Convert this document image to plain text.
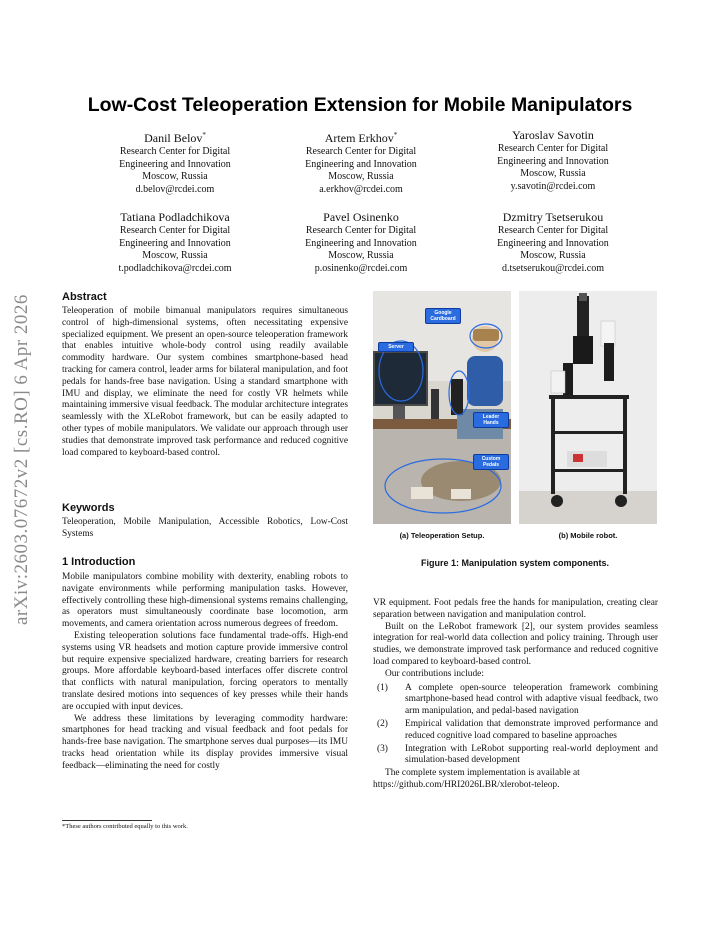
arXiv:2603.07672v2 [cs.RO] 6 Apr 2026
Low-Cost Teleoperation Extension for Mobile Manipulators
Danil Belov*
Research Center for Digital
Engineering and Innovation
Moscow, Russia
d.belov@rcdei.com
Artem Erkhov*
Research Center for Digital
Engineering and Innovation
Moscow, Russia
a.erkhov@rcdei.com
Yaroslav Savotin
Research Center for Digital
Engineering and Innovation
Moscow, Russia
y.savotin@rcdei.com
Tatiana Podladchikova
Research Center for Digital
Engineering and Innovation
Moscow, Russia
t.podladchikova@rcdei.com
Pavel Osinenko
Research Center for Digital
Engineering and Innovation
Moscow, Russia
p.osinenko@rcdei.com
Dzmitry Tsetserukou
Research Center for Digital
Engineering and Innovation
Moscow, Russia
d.tsetserukou@rcdei.com
Abstract

Teleoperation of mobile bimanual manipulators requires simultaneous control of high-dimensional systems, often necessitating expensive specialized equipment. We present an open-source teleoperation framework that enables intuitive whole-body control using readily available commodity hardware. Our system combines smartphone-based head tracking for camera control, leader arms for bilateral manipulation, and foot pedals for hands-free base navigation. Using a standard smartphone with IMU and display, we eliminate the need for costly VR helmets while maintaining immersive visual feedback. The modular architecture integrates seamlessly with the XLeRobot framework, but can be easily adapted to other types of mobile manipulators. We validate our approach through user studies that demonstrate improved task performance and reduced cognitive load compared to keyboard-based control.

Keywords

Teleoperation, Mobile Manipulation, Accessible Robotics, Low-Cost Systems

1 Introduction

Mobile manipulators combine mobility with dexterity, enabling robots to navigate environments while performing manipulation tasks. However, effectively controlling these high-dimensional systems remains challenging, as operators must simultaneously coordinate base locomotion, arm movements, and camera orientation across numerous degrees of freedom.

Existing teleoperation solutions face fundamental trade-offs. High-end systems using VR headsets and motion capture provide immersive control but require expensive specialized hardware, creating barriers for research groups. More affordable keyboard-based interfaces offer discrete control that conflicts with natural manipulation, forcing operators to mentally translate desired motions into sequences of key presses while their hands are occupied with input devices.

We address these limitations by leveraging commodity hardware: smartphones for head tracking and visual feedback and foot pedals for hands-free base navigation. The smartphone serves dual purposes—its IMU tracks head orientation while its display provides immersive visual feedback—eliminating the need for costly

*These authors contributed equally to this work.
Server
Google Cardboard
Leader Hands
Custom Pedals
(a) Teleoperation Setup.	(b) Mobile robot.
Figure 1: Manipulation system components.

VR equipment. Foot pedals free the hands for manipulation, creating clear separation between navigation and manipulation control.

Built on the LeRobot framework [2], our system provides seamless integration for real-world data collection and policy training. Through user studies, we demonstrate improved task performance and reduced cognitive load compared to keyboard-based control.

Our contributions include:

(1) A complete open-source teleoperation framework combining smartphone-based head control with adaptive visual feedback, two arm manipulation, and pedal-based navigation
(2) Empirical validation that demonstrate improved performance and reduced cognitive load compared to baseline approaches
(3) Integration with LeRobot supporting real-world deployment and simulation-based development

The complete system implementation is available at https://github.com/HRI2026LBR/xlerobot-teleop.
